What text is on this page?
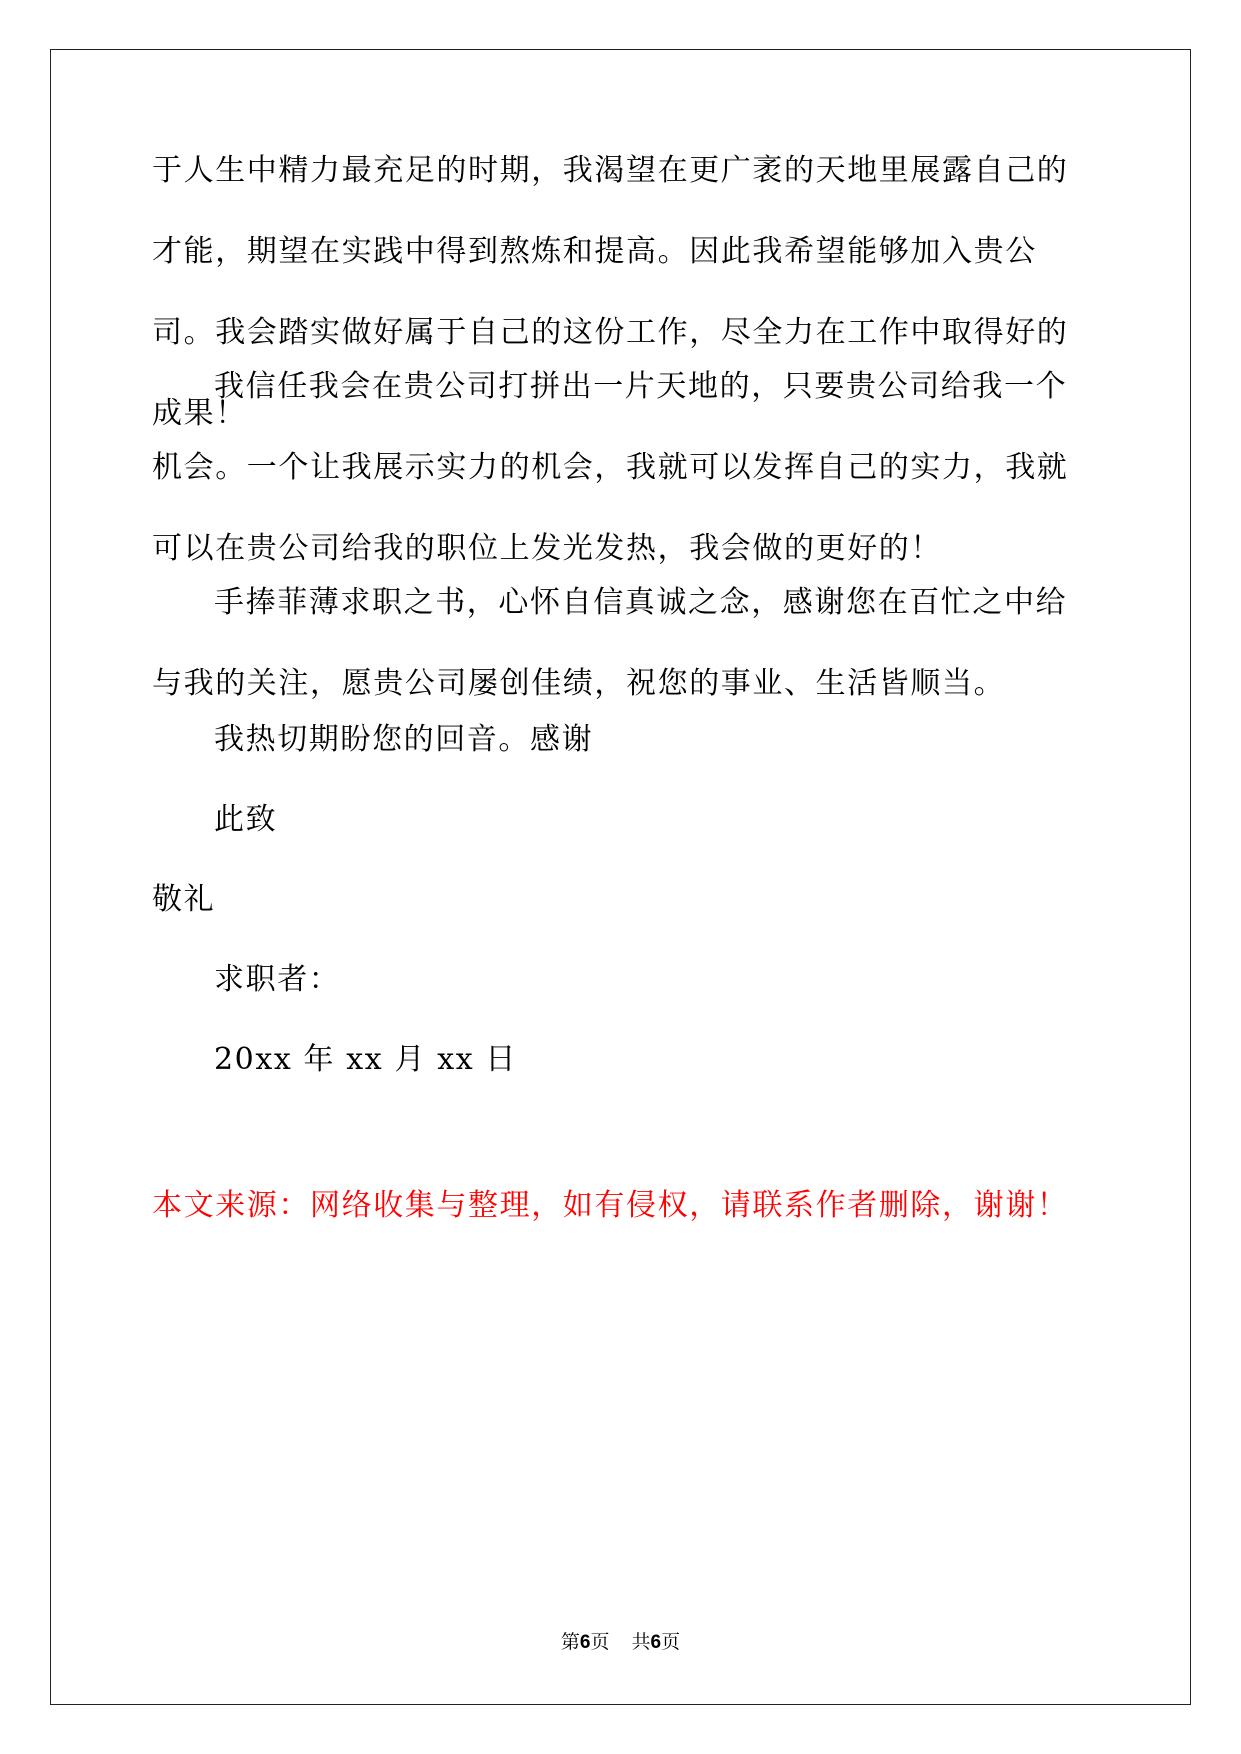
于人生中精力最充足的时期，我渴望在更广袤的天地里展露自己的才能，期望在实践中得到熬炼和提高。因此我希望能够加入贵公司。我会踏实做好属于自己的这份工作，尽全力在工作中取得好的成果！

我信任我会在贵公司打拼出一片天地的，只要贵公司给我一个机会。一个让我展示实力的机会，我就可以发挥自己的实力，我就可以在贵公司给我的职位上发光发热，我会做的更好的！

手捧菲薄求职之书，心怀自信真诚之念，感谢您在百忙之中给与我的关注，愿贵公司屡创佳绩，祝您的事业、生活皆顺当。

我热切期盼您的回音。感谢
此致
敬礼
求职者：
20xx 年 xx 月 xx 日
本文来源：网络收集与整理，如有侵权，请联系作者删除，谢谢！
第6页 共6页
